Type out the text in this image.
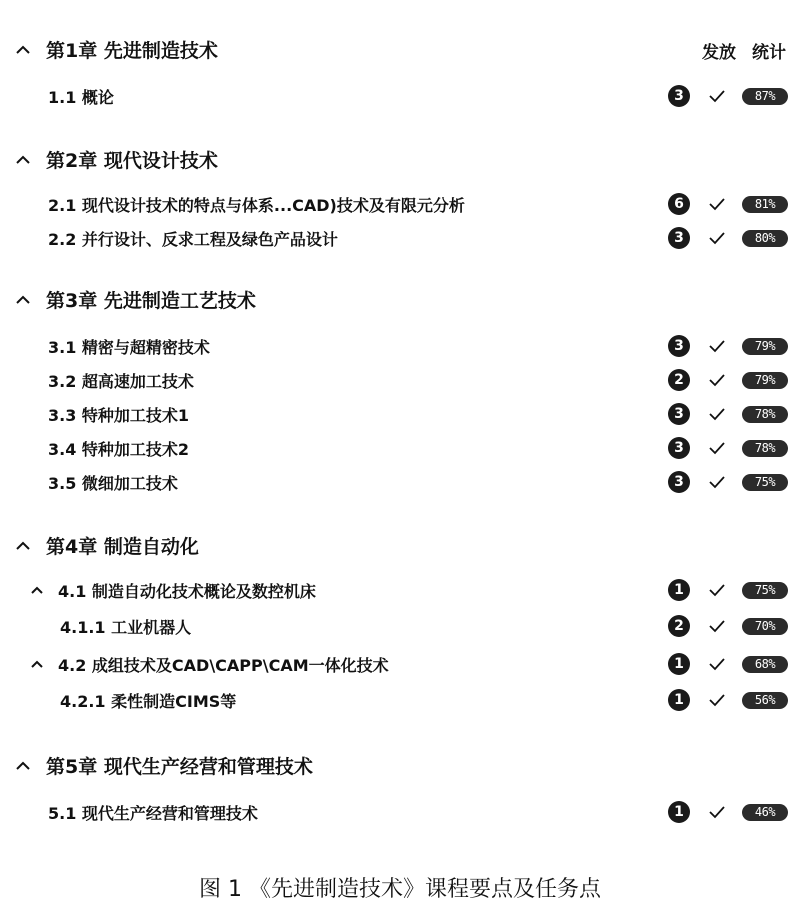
发放 统计
第1章 先进制造技术
1.1 概论	3	87%
第2章 现代设计技术
2.1 现代设计技术的特点与体系...CAD)技术及有限元分析	6	81%
2.2 并行设计、反求工程及绿色产品设计	3	80%
第3章 先进制造工艺技术
3.1 精密与超精密技术	3	79%
3.2 超高速加工技术	2	79%
3.3 特种加工技术1	3	78%
3.4 特种加工技术2	3	78%
3.5 微细加工技术	3	75%
第4章 制造自动化
4.1 制造自动化技术概论及数控机床	1	75%
4.1.1 工业机器人	2	70%
4.2 成组技术及CAD\CAPP\CAM一体化技术	1	68%
4.2.1 柔性制造CIMS等	1	56%
第5章 现代生产经营和管理技术
5.1 现代生产经营和管理技术	1	46%
图 1 《先进制造技术》课程要点及任务点
